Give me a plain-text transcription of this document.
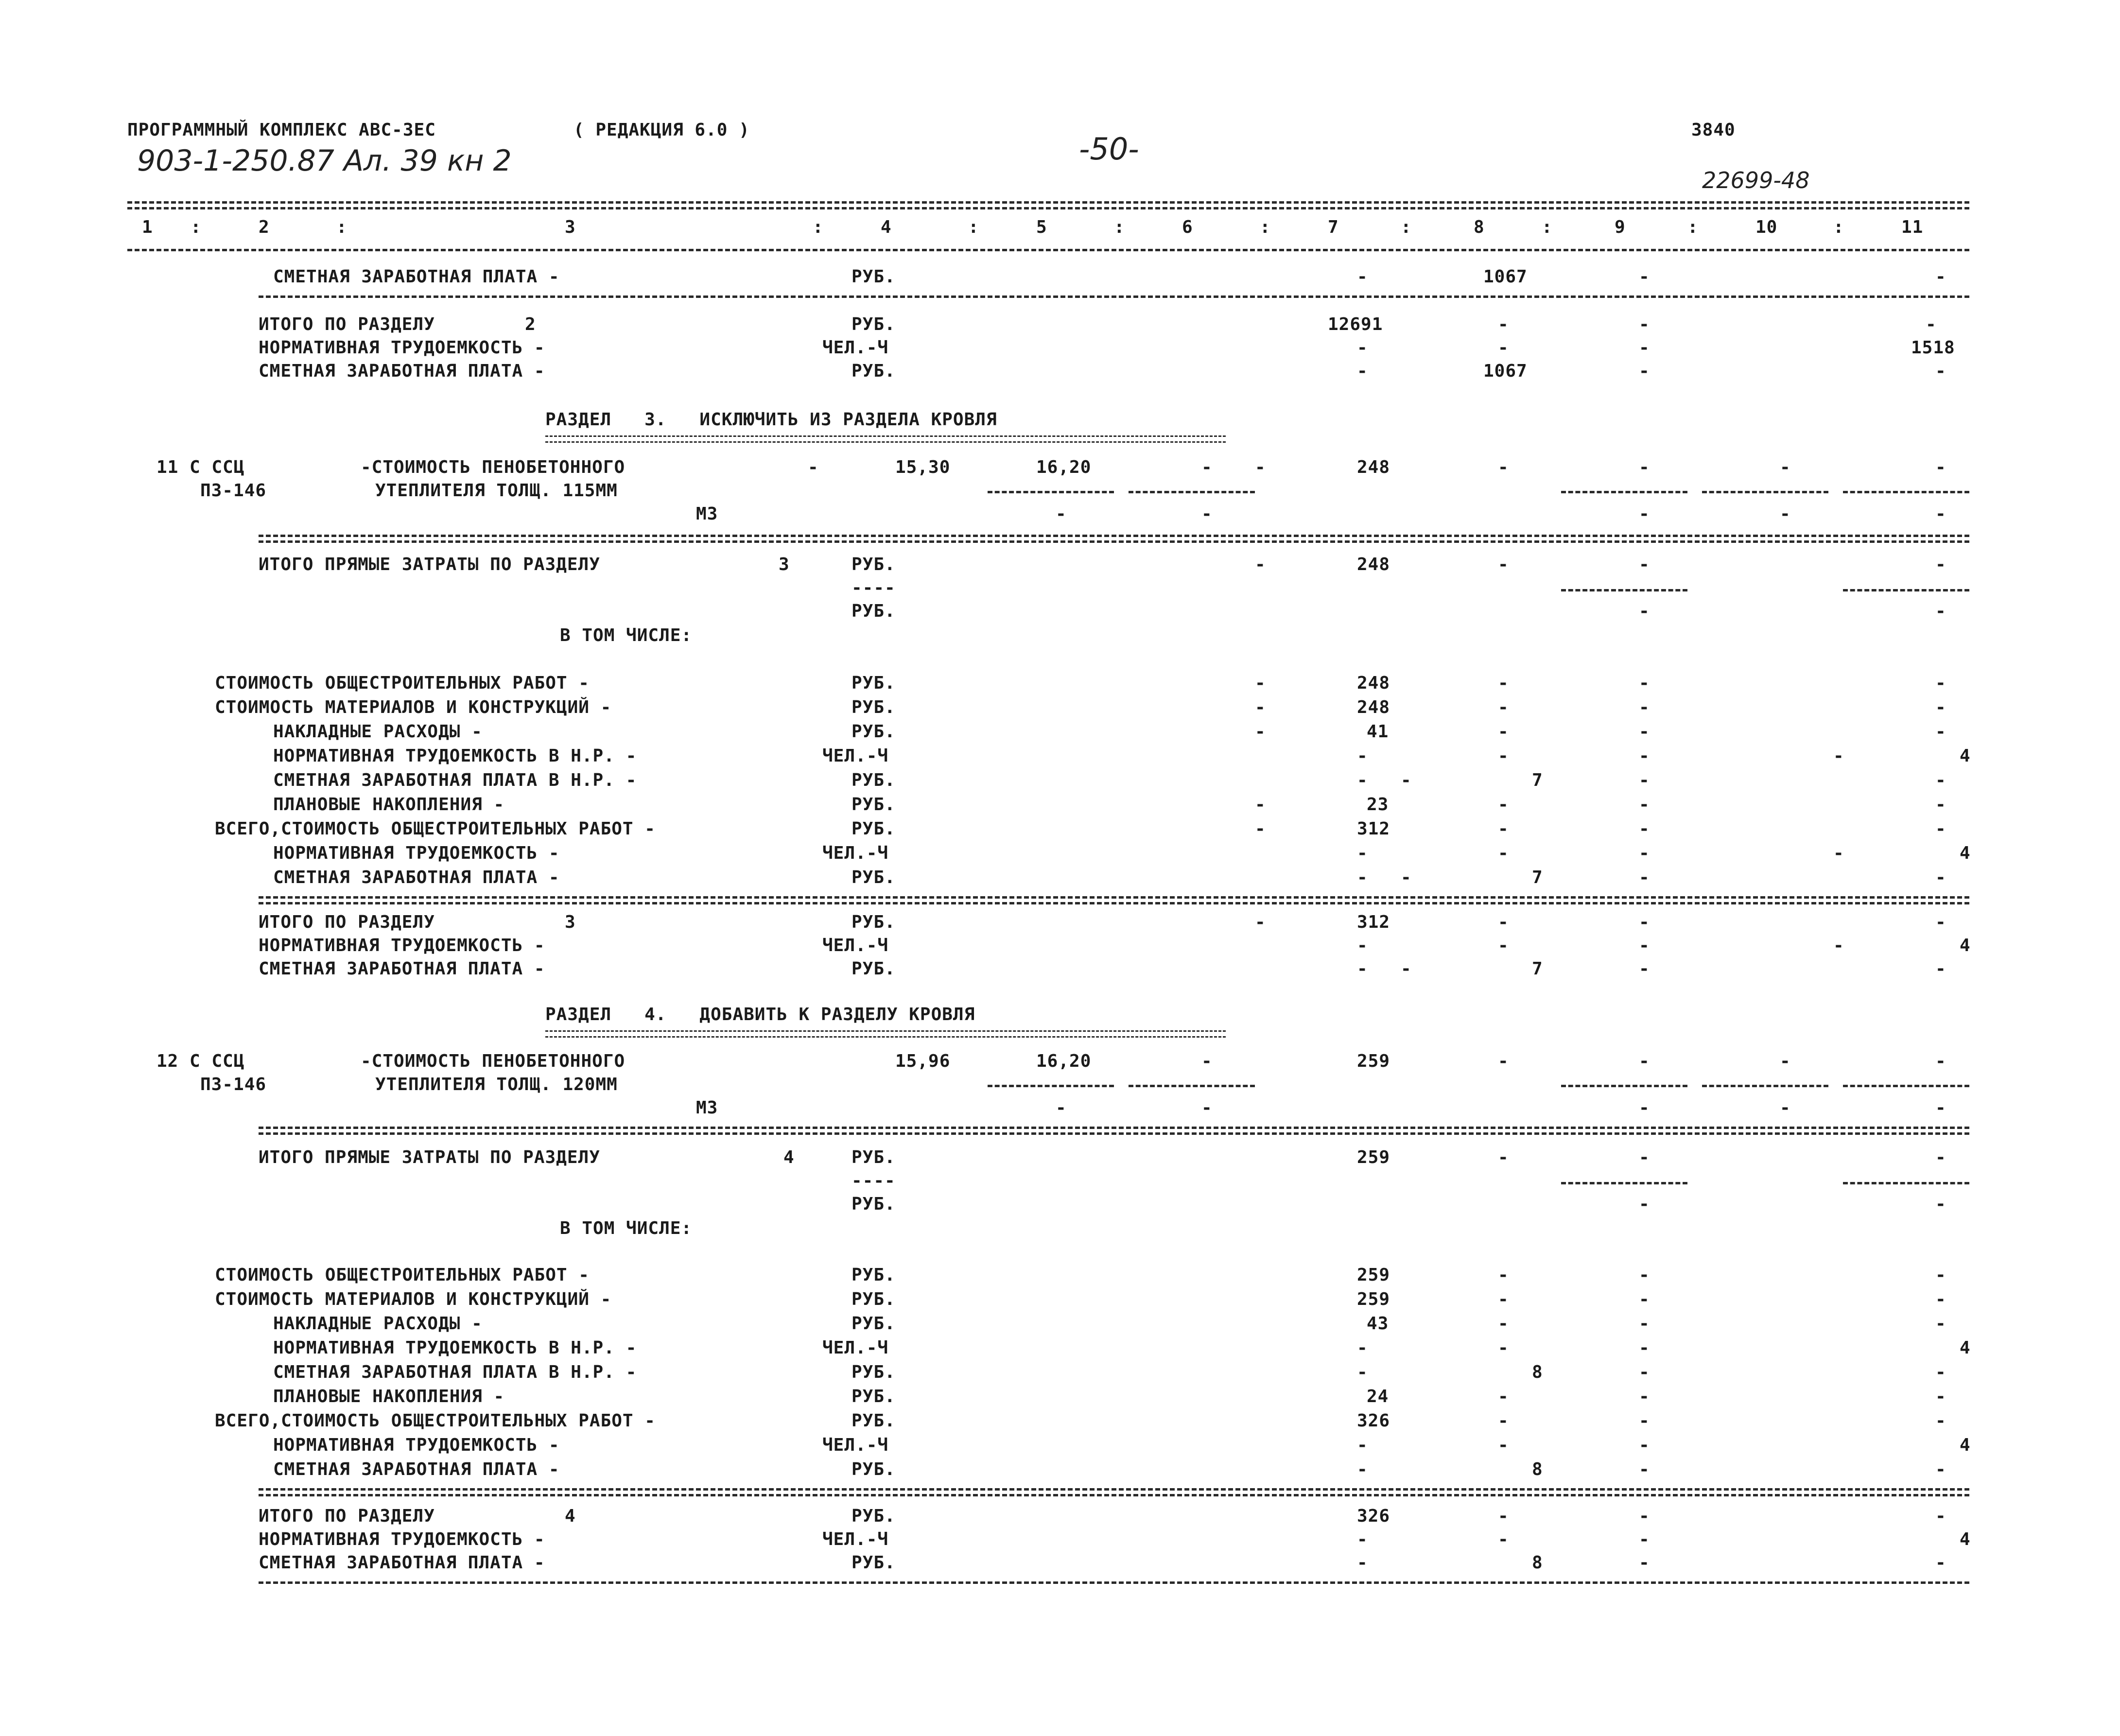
ПРОГРАММНЫЙ КОМПЛЕКС АВС-3ЕС	( РЕДАКЦИЯ 6.0 )
903-1-250.87 Ал. 39 кн 2	-50-
3840
22699-48
1	2	3	4	5	6	7	8	9	10	11
:	:	:	:	:	:	:	:	:	:
СМЕТНАЯ ЗАРАБОТНАЯ ПЛАТА -	РУБ.	-	1067	-	-
ИТОГО ПО РАЗДЕЛУ	2	РУБ.	12691	-	-	-
НОРМАТИВНАЯ ТРУДОЕМКОСТЬ -	ЧЕЛ.-Ч	-	-	-	1518
СМЕТНАЯ ЗАРАБОТНАЯ ПЛАТА -	РУБ.	-	1067	-	-
РАЗДЕЛ   3.   ИСКЛЮЧИТЬ ИЗ РАЗДЕЛА КРОВЛЯ
11 С ССЦ	-СТОИМОСТЬ ПЕНОБЕТОННОГО	-	15,30	16,20	- -	248	-	-	-	-
П3-146	УТЕПЛИТЕЛЯ ТОЛЩ. 115ММ
М3	-	-	-	-	-
ИТОГО ПРЯМЫЕ ЗАТРАТЫ ПО РАЗДЕЛУ	3	РУБ.	-	248	-	-	-
----
РУБ.	-	-
В ТОМ ЧИСЛЕ:
СТОИМОСТЬ ОБЩЕСТРОИТЕЛЬНЫХ РАБОТ -	РУБ.	-	248	-	-	-
СТОИМОСТЬ МАТЕРИАЛОВ И КОНСТРУКЦИЙ -	РУБ.	-	248	-	-	-
НАКЛАДНЫЕ РАСХОДЫ -	РУБ.	-	41	-	-	-
НОРМАТИВНАЯ ТРУДОЕМКОСТЬ В Н.Р. -	ЧЕЛ.-Ч	-	-	-	-	4
СМЕТНАЯ ЗАРАБОТНАЯ ПЛАТА В Н.Р. -	РУБ.	- -	7	-	-
ПЛАНОВЫЕ НАКОПЛЕНИЯ -	РУБ.	-	23	-	-	-
ВСЕГО,СТОИМОСТЬ ОБЩЕСТРОИТЕЛЬНЫХ РАБОТ -	РУБ.	-	312	-	-	-
НОРМАТИВНАЯ ТРУДОЕМКОСТЬ -	ЧЕЛ.-Ч	-	-	-	-	4
СМЕТНАЯ ЗАРАБОТНАЯ ПЛАТА -	РУБ.	- -	7	-	-
ИТОГО ПО РАЗДЕЛУ	3	РУБ.	-	312	-	-	-
НОРМАТИВНАЯ ТРУДОЕМКОСТЬ -	ЧЕЛ.-Ч	-	-	-	-	4
СМЕТНАЯ ЗАРАБОТНАЯ ПЛАТА -	РУБ.	- -	7	-	-
РАЗДЕЛ   4.   ДОБАВИТЬ К РАЗДЕЛУ КРОВЛЯ
12 С ССЦ	-СТОИМОСТЬ ПЕНОБЕТОННОГО	15,96	16,20	-	259	-	-	-	-
П3-146	УТЕПЛИТЕЛЯ ТОЛЩ. 120ММ
М3	-	-	-	-	-
ИТОГО ПРЯМЫЕ ЗАТРАТЫ ПО РАЗДЕЛУ	4	РУБ.	259	-	-	-
----
РУБ.	-	-
В ТОМ ЧИСЛЕ:
СТОИМОСТЬ ОБЩЕСТРОИТЕЛЬНЫХ РАБОТ -	РУБ.	259	-	-	-
СТОИМОСТЬ МАТЕРИАЛОВ И КОНСТРУКЦИЙ -	РУБ.	259	-	-	-
НАКЛАДНЫЕ РАСХОДЫ -	РУБ.	43	-	-	-
НОРМАТИВНАЯ ТРУДОЕМКОСТЬ В Н.Р. -	ЧЕЛ.-Ч	-	-	-	4
СМЕТНАЯ ЗАРАБОТНАЯ ПЛАТА В Н.Р. -	РУБ.	-	8	-	-
ПЛАНОВЫЕ НАКОПЛЕНИЯ -	РУБ.	24	-	-	-
ВСЕГО,СТОИМОСТЬ ОБЩЕСТРОИТЕЛЬНЫХ РАБОТ -	РУБ.	326	-	-	-
НОРМАТИВНАЯ ТРУДОЕМКОСТЬ -	ЧЕЛ.-Ч	-	-	-	4
СМЕТНАЯ ЗАРАБОТНАЯ ПЛАТА -	РУБ.	-	8	-	-
ИТОГО ПО РАЗДЕЛУ	4	РУБ.	326	-	-	-
НОРМАТИВНАЯ ТРУДОЕМКОСТЬ -	ЧЕЛ.-Ч	-	-	-	4
СМЕТНАЯ ЗАРАБОТНАЯ ПЛАТА -	РУБ.	-	8	-	-
